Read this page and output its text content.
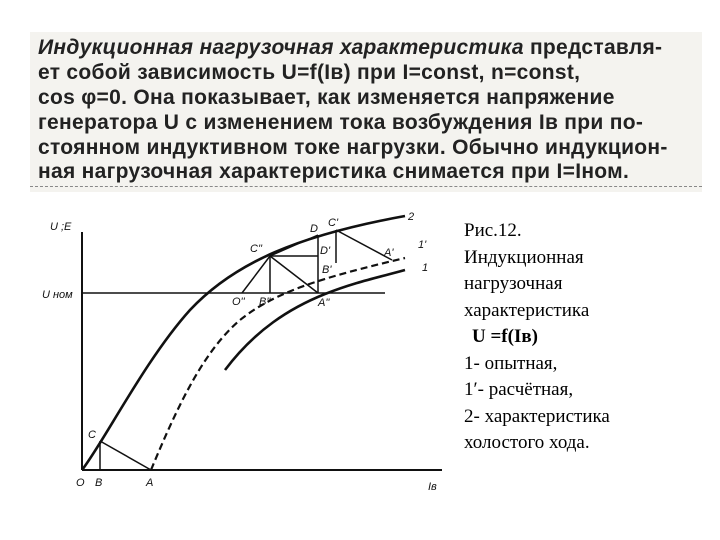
Индукционная нагрузочная характеристика представля-
ет собой зависимость U=f(Iв) при I=const, n=const,
cos φ=0. Она показывает, как изменяется напряжение
генератора U с изменением тока возбуждения Iв при по-
стоянном индуктивном токе нагрузки. Обычно индукцион-
ная нагрузочная характеристика снимается при I=Iном.
U ;E
Iв
U ном
2
1'
1
O B	A
C
C''
D C'
D'
B'
A'
A''
O'' B''
Рис.12.
Индукционная
нагрузочная
характеристика
U =f(Iв)
1- опытная,
1′- расчётная,
2- характеристика
холостого хода.
